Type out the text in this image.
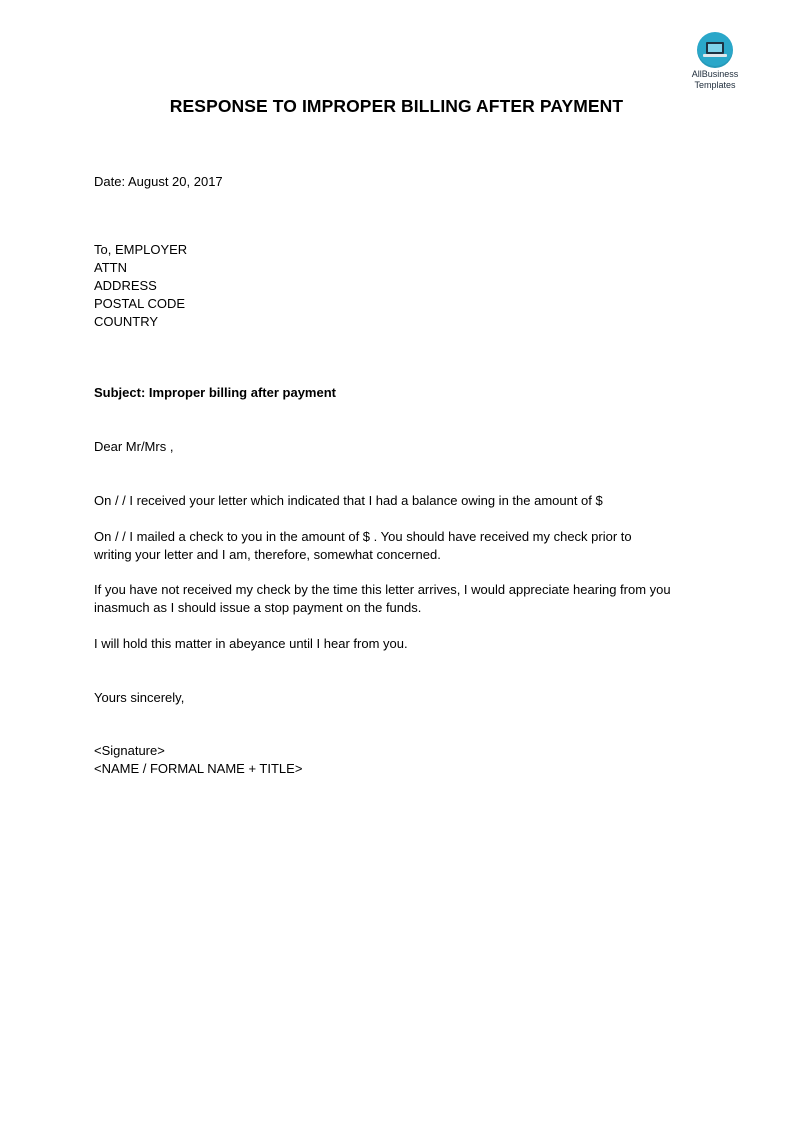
AllBusiness
Templates
RESPONSE TO IMPROPER BILLING AFTER PAYMENT
Date: August 20, 2017
To, EMPLOYER
ATTN
ADDRESS
POSTAL CODE
COUNTRY
Subject: Improper billing after payment
Dear Mr/Mrs ,
On / / I received your letter which indicated that I had a balance owing in the amount of $
On / / I mailed a check to you in the amount of $ . You should have received my check prior to
writing your letter and I am, therefore, somewhat concerned.
If you have not received my check by the time this letter arrives, I would appreciate hearing from you
inasmuch as I should issue a stop payment on the funds.
I will hold this matter in abeyance until I hear from you.
Yours sincerely,
<Signature>
<NAME / FORMAL NAME + TITLE>
